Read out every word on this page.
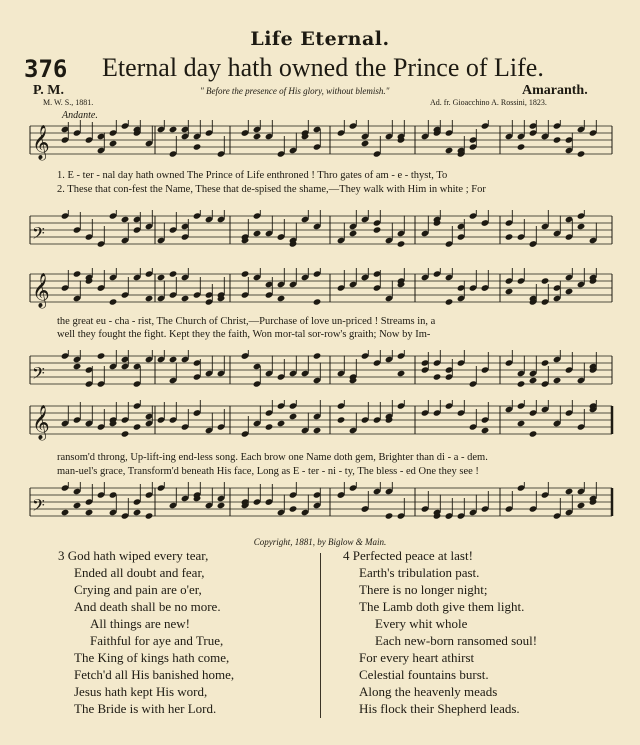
Life Eternal.
376 Eternal day hath owned the Prince of Life.
P. M.	" Before the presence of His glory, without blemish."	Amaranth.
M. W. S., 1881.	Ad. fr. Gioacchino A. Rossini, 1823.
Andante.
𝄞
1. E - ter - nal day hath owned The Prince of Life enthroned ! Thro gates of am - e - thyst, To
2. These that con-fest the Name, These that de-spised the shame,—They walk with Him in white ; For
𝄢
𝄞
the great eu - cha - rist, The Church of Christ,—Purchase of love un-priced ! Streams in, a
well they fought the fight. Kept they the faith, Won mor-tal sor-row's graith; Now by Im-
𝄢
𝄞
ransom'd throng, Up-lift-ing end-less song. Each brow one Name doth gem, Brighter than di - a - dem.
man-uel's grace, Transform'd beneath His face, Long as E - ter - ni - ty, The bless - ed One they see !
𝄢
Copyright, 1881, by Biglow & Main.
3 God hath wiped every tear,
Ended all doubt and fear,
Crying and pain are o'er,
And death shall be no more.
All things are new!
Faithful for aye and True,
The King of kings hath come,
Fetch'd all His banished home,
Jesus hath kept His word,
The Bride is with her Lord.
4 Perfected peace at last!
Earth's tribulation past.
There is no longer night;
The Lamb doth give them light.
Every whit whole
Each new-born ransomed soul!
For every heart athirst
Celestial fountains burst.
Along the heavenly meads
His flock their Shepherd leads.
